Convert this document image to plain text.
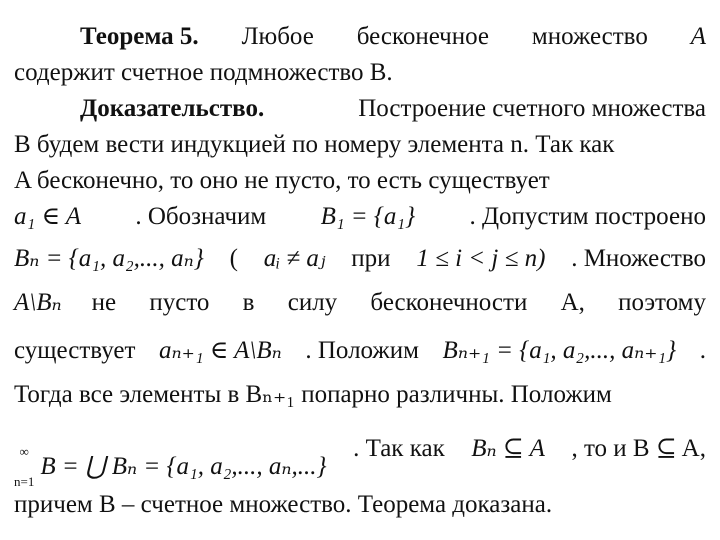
Теорема 5. Любое бесконечное множество A
содержит счетное подмножество B.
Доказательство.	Построение счетного множества
B будем вести индукцией по номеру элемента n. Так как
A бесконечно, то оно не пусто, то есть существует
a₁ ∈ A . Обозначим B₁ = {a₁} . Допустим построено
Bₙ = {a₁, a₂,..., aₙ} ( aᵢ ≠ aⱼ при 1 ≤ i < j ≤ n) . Множество
A\Bₙ не пусто в силу бесконечности A, поэтому
существует aₙ₊₁ ∈ A\Bₙ . Положим Bₙ₊₁ = {a₁, a₂,..., aₙ₊₁} .
Тогда все элементы в Bₙ₊₁ попарно различны. Положим
∞
n=1
B = ⋃ Bₙ = {a₁, a₂,..., aₙ,...}
. Так как Bₙ ⊆ A , то и B ⊆ A,
причем B – счетное множество. Теорема доказана.
